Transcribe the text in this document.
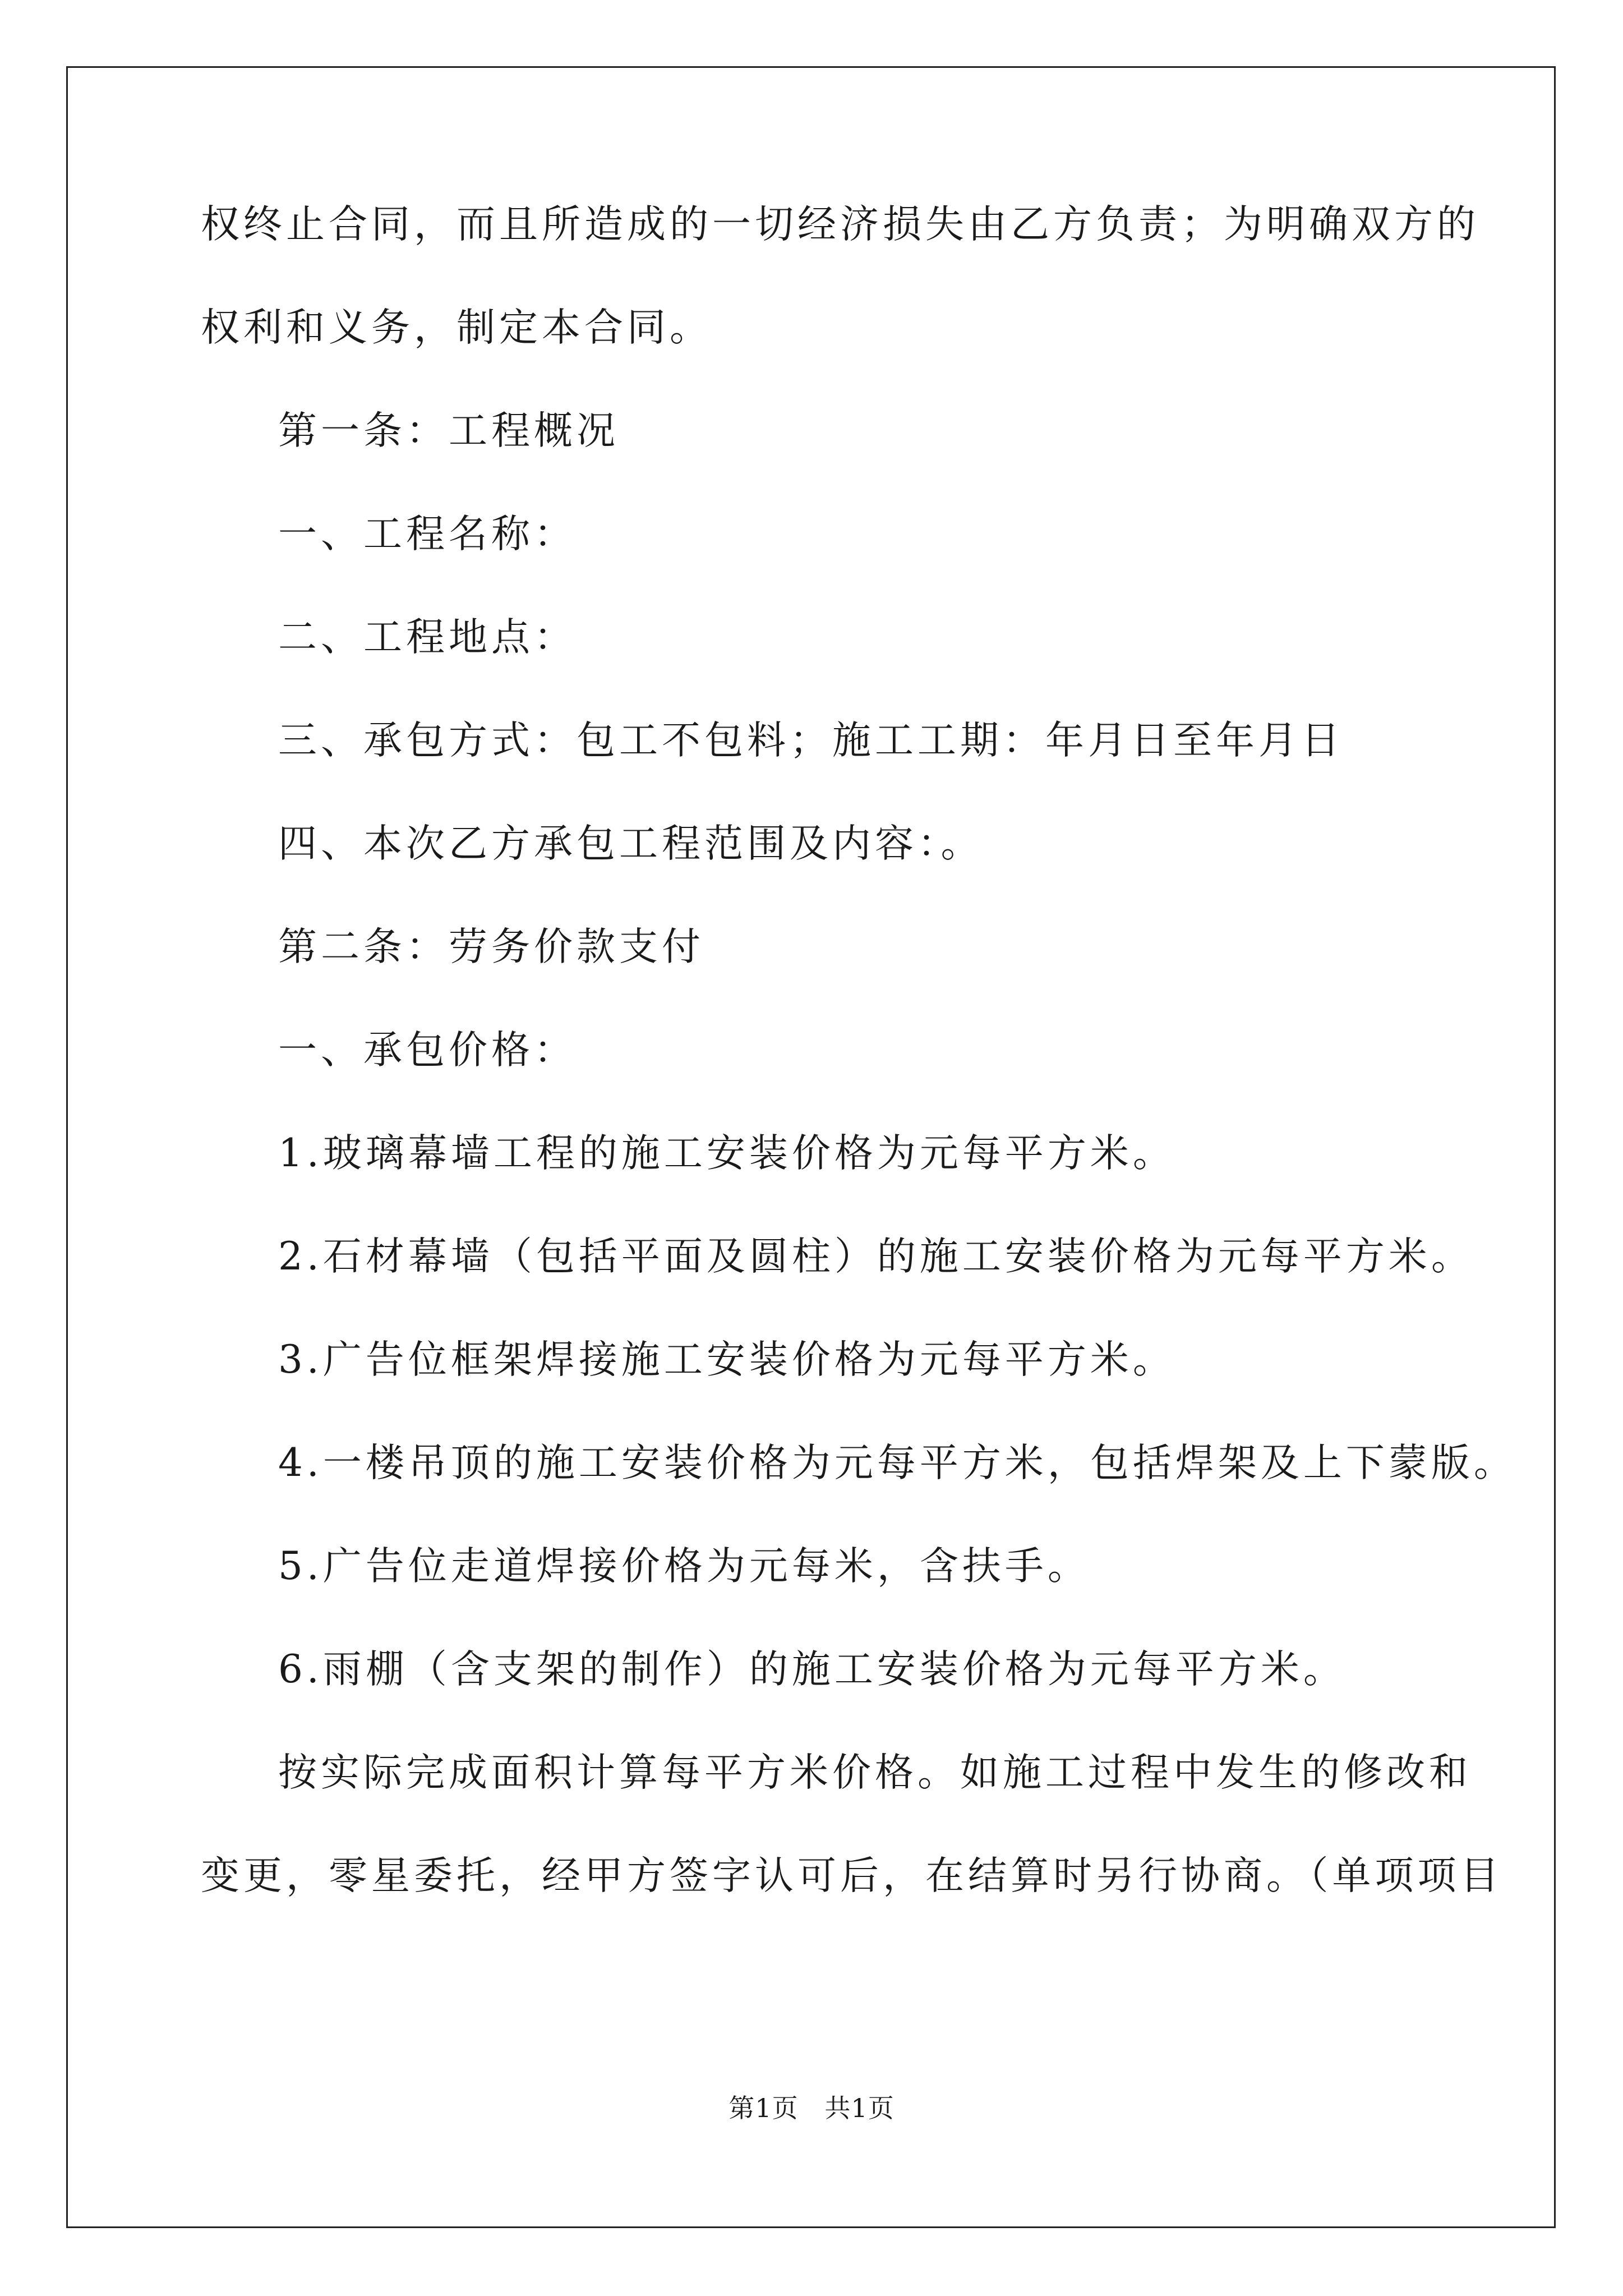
权终止合同，而且所造成的一切经济损失由乙方负责；为明确双方的
权利和义务，制定本合同。
第一条：工程概况
一、工程名称：
二、工程地点：
三、承包方式：包工不包料；施工工期：年月日至年月日
四、本次乙方承包工程范围及内容：。
第二条：劳务价款支付
一、承包价格：
1.玻璃幕墙工程的施工安装价格为元每平方米。
2.石材幕墙（包括平面及圆柱）的施工安装价格为元每平方米。
3.广告位框架焊接施工安装价格为元每平方米。
4.一楼吊顶的施工安装价格为元每平方米，包括焊架及上下蒙版。
5.广告位走道焊接价格为元每米，含扶手。
6.雨棚（含支架的制作）的施工安装价格为元每平方米。
按实际完成面积计算每平方米价格。如施工过程中发生的修改和
变更，零星委托，经甲方签字认可后，在结算时另行协商。（单项项目
第1页   共1页
